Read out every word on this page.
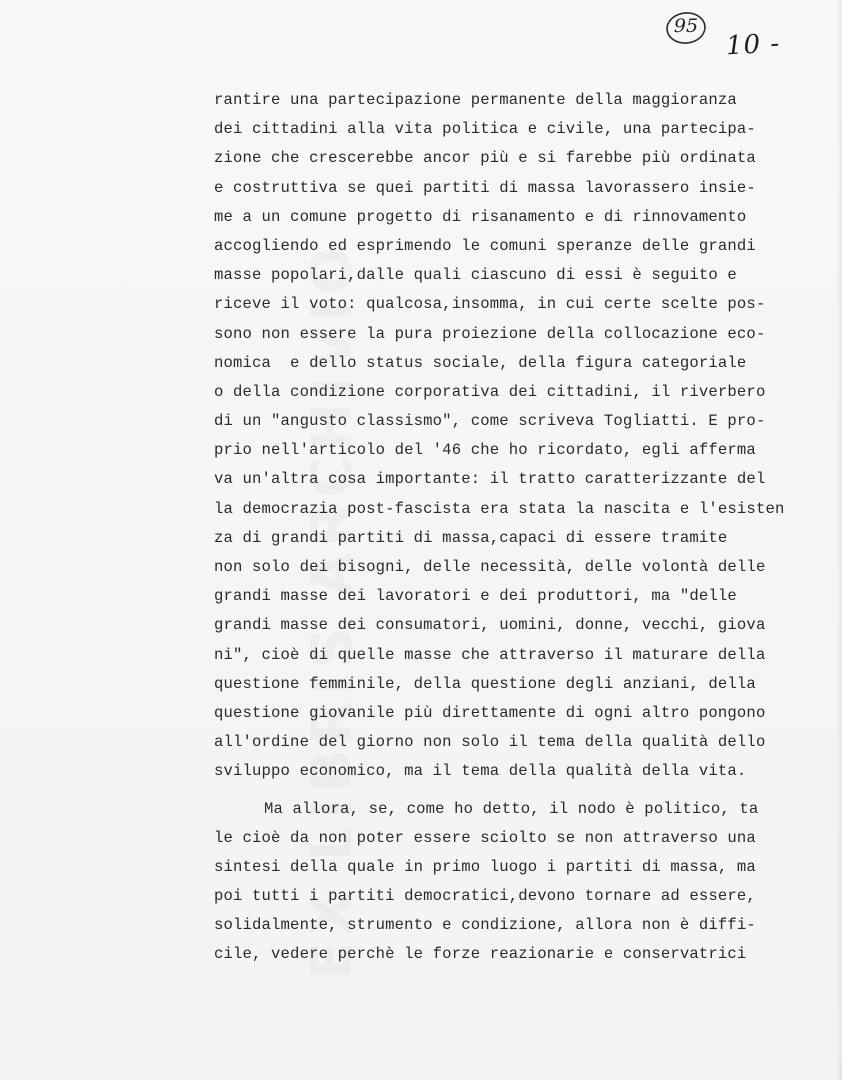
EX LIBRIS ARCHIVIO
95
10 -
rantire una partecipazione permanente della maggioranza
dei cittadini alla vita politica e civile, una partecipa-
zione che crescerebbe ancor più e si farebbe più ordinata
e costruttiva se quei partiti di massa lavorassero insie-
me a un comune progetto di risanamento e di rinnovamento
accogliendo ed esprimendo le comuni speranze delle grandi
masse popolari,dalle quali ciascuno di essi è seguito e
riceve il voto: qualcosa,insomma, in cui certe scelte pos-
sono non essere la pura proiezione della collocazione eco-
nomica  e dello status sociale, della figura categoriale
o della condizione corporativa dei cittadini, il riverbero
di un "angusto classismo", come scriveva Togliatti. E pro-
prio nell'articolo del '46 che ho ricordato, egli afferma
va un'altra cosa importante: il tratto caratterizzante del
la democrazia post-fascista era stata la nascita e l'esisten
za di grandi partiti di massa,capaci di essere tramite
non solo dei bisogni, delle necessità, delle volontà delle
grandi masse dei lavoratori e dei produttori, ma "delle
grandi masse dei consumatori, uomini, donne, vecchi, giova
ni", cioè di quelle masse che attraverso il maturare della
questione femminile, della questione degli anziani, della
questione giovanile più direttamente di ogni altro pongono
all'ordine del giorno non solo il tema della qualità dello
sviluppo economico, ma il tema della qualità della vita.
Ma allora, se, come ho detto, il nodo è politico, ta
le cioè da non poter essere sciolto se non attraverso una
sintesi della quale in primo luogo i partiti di massa, ma
poi tutti i partiti democratici,devono tornare ad essere,
solidalmente, strumento e condizione, allora non è diffi-
cile, vedere perchè le forze reazionarie e conservatrici
